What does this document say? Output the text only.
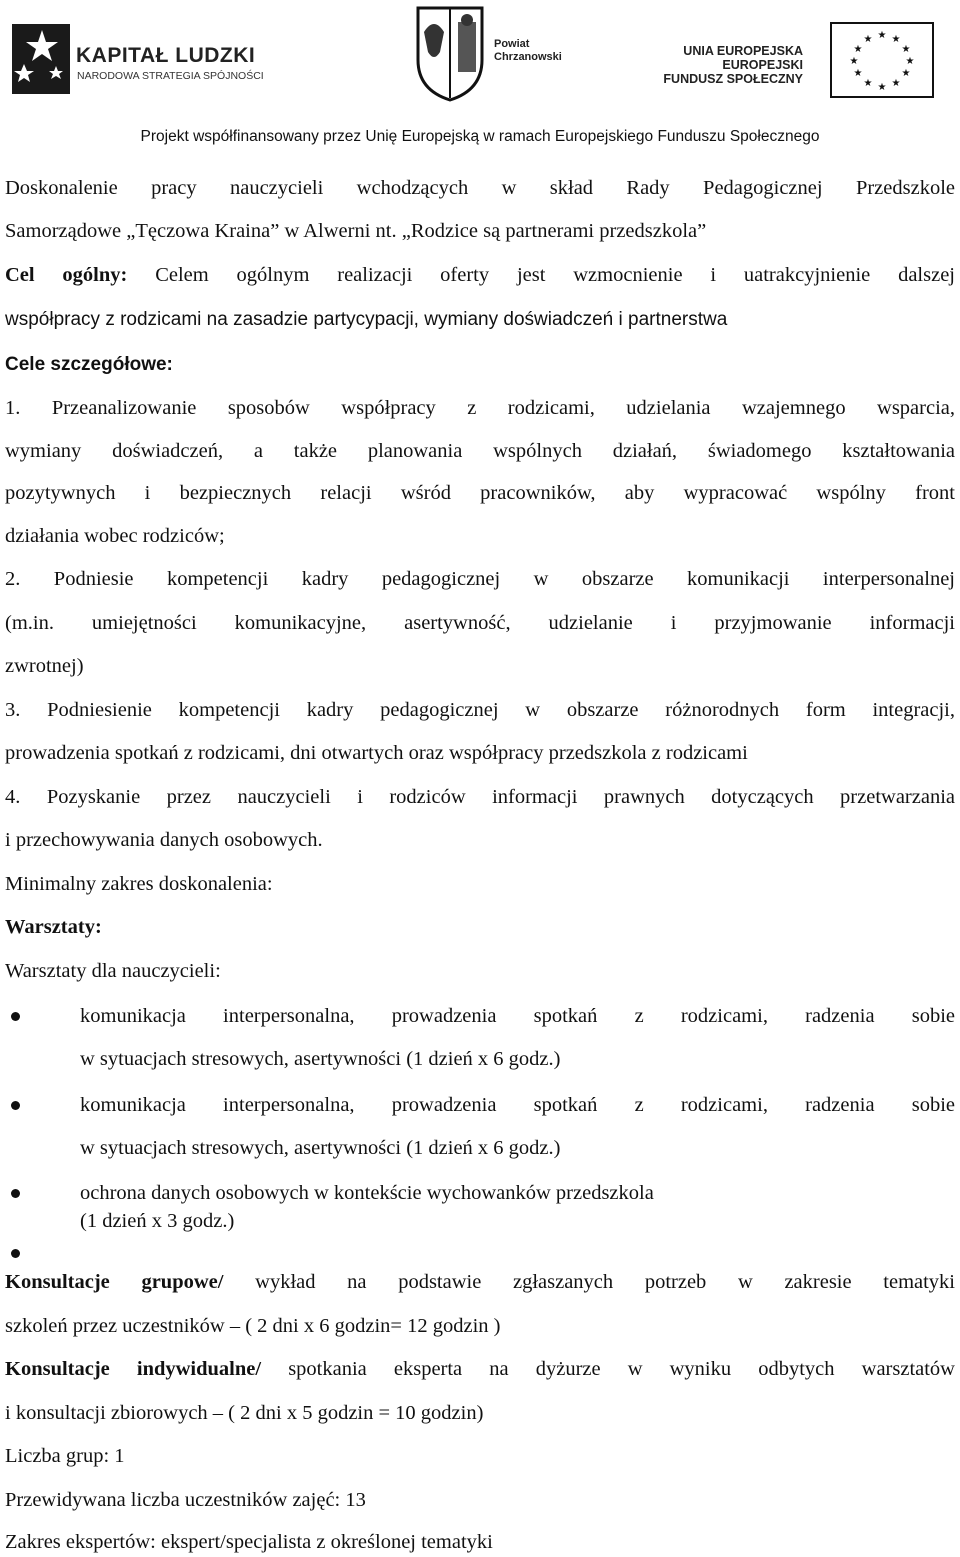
KAPITAŁ LUDZKI
NARODOWA STRATEGIA SPÓJNOŚCI
Powiat
Chrzanowski	UNIA EUROPEJSKA
EUROPEJSKI
FUNDUSZ SPOŁECZNY
★ ★
★
★
★
★
★
★
★
★
★
★
Projekt współfinansowany przez Unię Europejską w ramach Europejskiego Funduszu Społecznego
Doskonalenie pracy nauczycieli wchodzących w skład Rady Pedagogicznej Przedszkole
Samorządowe „Tęczowa Kraina” w Alwerni nt. „Rodzice są partnerami przedszkola”
Cel ogólny: Celem ogólnym realizacji oferty jest wzmocnienie i uatrakcyjnienie dalszej
współpracy z rodzicami na zasadzie partycypacji, wymiany doświadczeń i partnerstwa
Cele szczegółowe:
1. Przeanalizowanie sposobów współpracy z rodzicami, udzielania wzajemnego wsparcia,
wymiany doświadczeń, a także planowania wspólnych działań, świadomego kształtowania
pozytywnych i bezpiecznych relacji wśród pracowników, aby wypracować wspólny front
działania wobec rodziców;
2. Podniesie kompetencji kadry pedagogicznej w obszarze komunikacji interpersonalnej
(m.in. umiejętności komunikacyjne, asertywność, udzielanie i przyjmowanie informacji
zwrotnej)
3. Podniesienie kompetencji kadry pedagogicznej w obszarze różnorodnych form integracji,
prowadzenia spotkań z rodzicami, dni otwartych oraz współpracy przedszkola z rodzicami
4. Pozyskanie przez nauczycieli i rodziców informacji prawnych dotyczących przetwarzania
i przechowywania danych osobowych.
Minimalny zakres doskonalenia:
Warsztaty:
Warsztaty dla nauczycieli:
komunikacja interpersonalna, prowadzenia spotkań z rodzicami, radzenia sobie
w sytuacjach stresowych, asertywności (1 dzień x 6 godz.)
komunikacja interpersonalna, prowadzenia spotkań z rodzicami, radzenia sobie
w sytuacjach stresowych, asertywności (1 dzień x 6 godz.)
ochrona danych osobowych w kontekście wychowanków przedszkola
(1 dzień x 3 godz.)
Konsultacje grupowe/ wykład na podstawie zgłaszanych potrzeb w zakresie tematyki
szkoleń przez uczestników – ( 2 dni x 6 godzin= 12 godzin )
Konsultacje indywidualne/ spotkania eksperta na dyżurze w wyniku odbytych warsztatów
i konsultacji zbiorowych – ( 2 dni x 5 godzin = 10 godzin)
Liczba grup: 1
Przewidywana liczba uczestników zajęć: 13
Zakres ekspertów: ekspert/specjalista z określonej tematyki
